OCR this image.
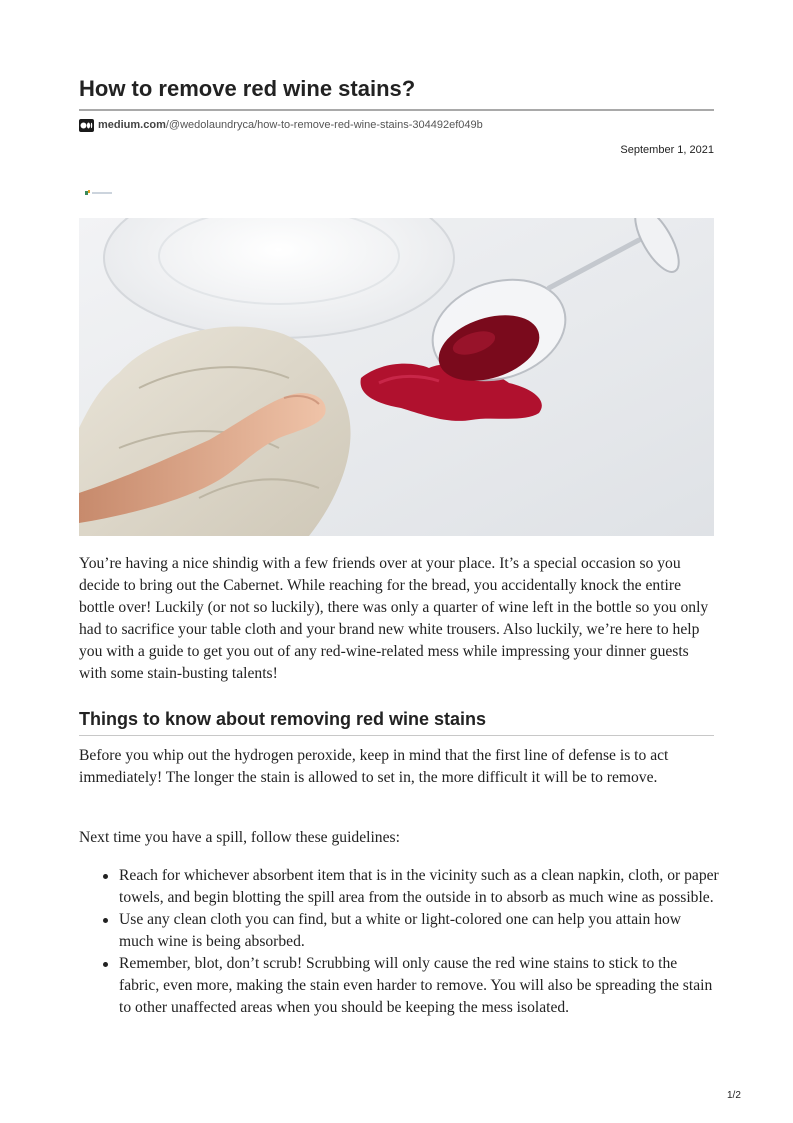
How to remove red wine stains?
medium.com /@wedolaundryca/how-to-remove-red-wine-stains-304492ef049b
September 1, 2021

You’re having a nice shindig with a few friends over at your place. It’s a special occasion so you decide to bring out the Cabernet. While reaching for the bread, you accidentally knock the entire bottle over! Luckily (or not so luckily), there was only a quarter of wine left in the bottle so you only had to sacrifice your table cloth and your brand new white trousers. Also luckily, we’re here to help you with a guide to get you out of any red-wine-related mess while impressing your dinner guests with some stain-busting talents!

Things to know about removing red wine stains

Before you whip out the hydrogen peroxide, keep in mind that the first line of defense is to act immediately! The longer the stain is allowed to set in, the more difficult it will be to remove.

Next time you have a spill, follow these guidelines:

Reach for whichever absorbent item that is in the vicinity such as a clean napkin, cloth, or paper towels, and begin blotting the spill area from the outside in to absorb as much wine as possible.
Use any clean cloth you can find, but a white or light-colored one can help you attain how much wine is being absorbed.
Remember, blot, don’t scrub! Scrubbing will only cause the red wine stains to stick to the fabric, even more, making the stain even harder to remove. You will also be spreading the stain to other unaffected areas when you should be keeping the mess isolated.
1/2
